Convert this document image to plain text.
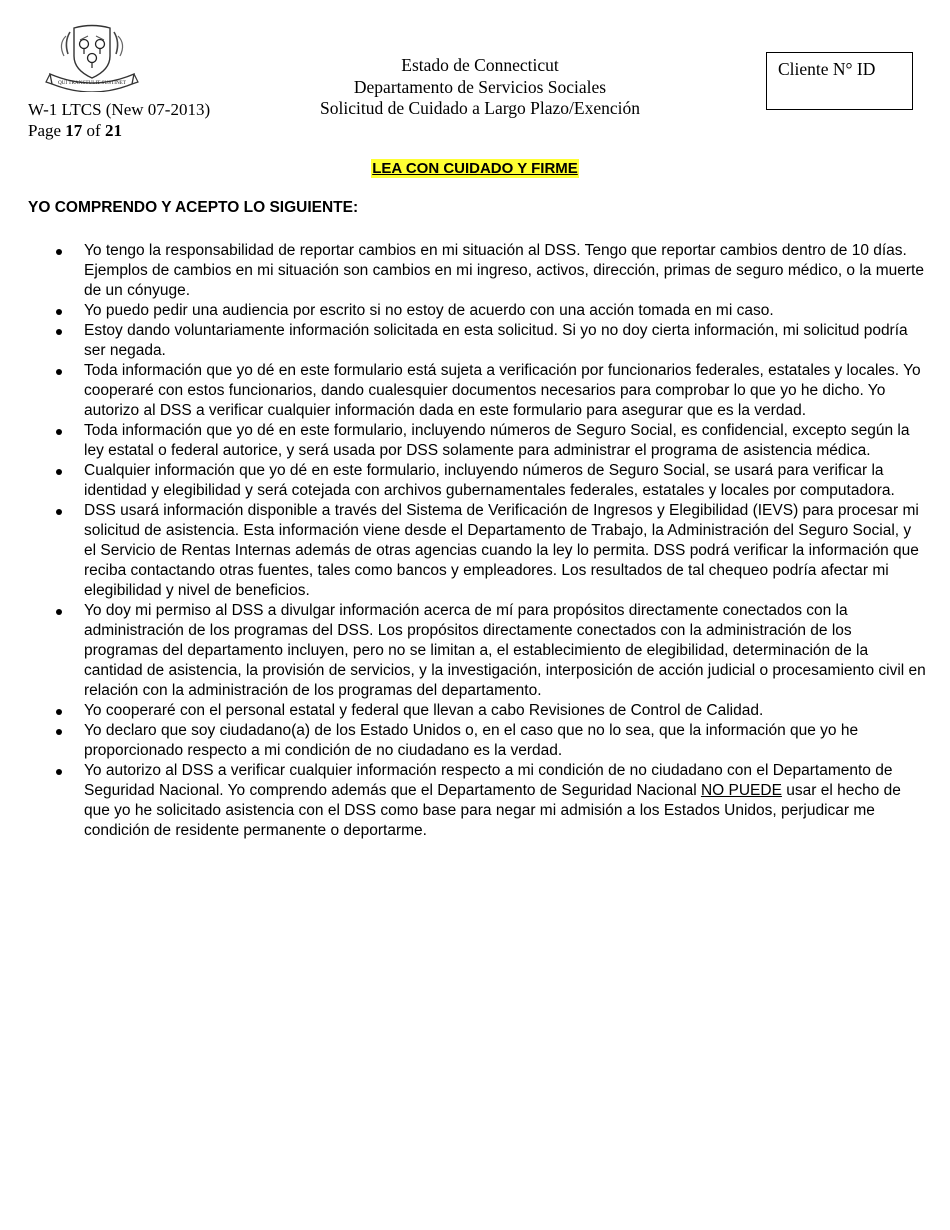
QUI TRANSTULIT SUSTINET
W-1 LTCS (New 07-2013)
Page 17 of 21
Estado de Connecticut
Departamento de Servicios Sociales
Solicitud de Cuidado a Largo Plazo/Exención
Cliente N° ID
LEA CON CUIDADO Y FIRME
YO COMPRENDO Y ACEPTO LO SIGUIENTE:
Yo tengo la responsabilidad de reportar cambios en mi situación al DSS. Tengo que reportar cambios dentro de 10 días. Ejemplos de cambios en mi situación son cambios en mi ingreso, activos, dirección, primas de seguro médico, o la muerte de un cónyuge.
Yo puedo pedir una audiencia por escrito si no estoy de acuerdo con una acción tomada en mi caso.
Estoy dando voluntariamente información solicitada en esta solicitud. Si yo no doy cierta información, mi solicitud podría ser negada.
Toda información que yo dé en este formulario está sujeta a verificación por funcionarios federales, estatales y locales. Yo cooperaré con estos funcionarios, dando cualesquier documentos necesarios para comprobar lo que yo he dicho. Yo autorizo al DSS a verificar cualquier información dada en este formulario para asegurar que es la verdad.
Toda información que yo dé en este formulario, incluyendo números de Seguro Social, es confidencial, excepto según la ley estatal o federal autorice, y será usada por DSS solamente para administrar el programa de asistencia médica.
Cualquier información que yo dé en este formulario, incluyendo números de Seguro Social, se usará para verificar la identidad y elegibilidad y será cotejada con archivos gubernamentales federales, estatales y locales por computadora.
DSS usará información disponible a través del Sistema de Verificación de Ingresos y Elegibilidad (IEVS) para procesar mi solicitud de asistencia. Esta información viene desde el Departamento de Trabajo, la Administración del Seguro Social, y el Servicio de Rentas Internas además de otras agencias cuando la ley lo permita. DSS podrá verificar la información que reciba contactando otras fuentes, tales como bancos y empleadores. Los resultados de tal chequeo podría afectar mi elegibilidad y nivel de beneficios.
Yo doy mi permiso al DSS a divulgar información acerca de mí para propósitos directamente conectados con la administración de los programas del DSS. Los propósitos directamente conectados con la administración de los programas del departamento incluyen, pero no se limitan a, el establecimiento de elegibilidad, determinación de la cantidad de asistencia, la provisión de servicios, y la investigación, interposición de acción judicial o procesamiento civil en relación con la administración de los programas del departamento.
Yo cooperaré con el personal estatal y federal que llevan a cabo Revisiones de Control de Calidad.
Yo declaro que soy ciudadano(a) de los Estado Unidos o, en el caso que no lo sea, que la información que yo he proporcionado respecto a mi condición de no ciudadano es la verdad.
Yo autorizo al DSS a verificar cualquier información respecto a mi condición de no ciudadano con el Departamento de Seguridad Nacional. Yo comprendo además que el Departamento de Seguridad Nacional NO PUEDE usar el hecho de que yo he solicitado asistencia con el DSS como base para negar mi admisión a los Estados Unidos, perjudicar me condición de residente permanente o deportarme.
